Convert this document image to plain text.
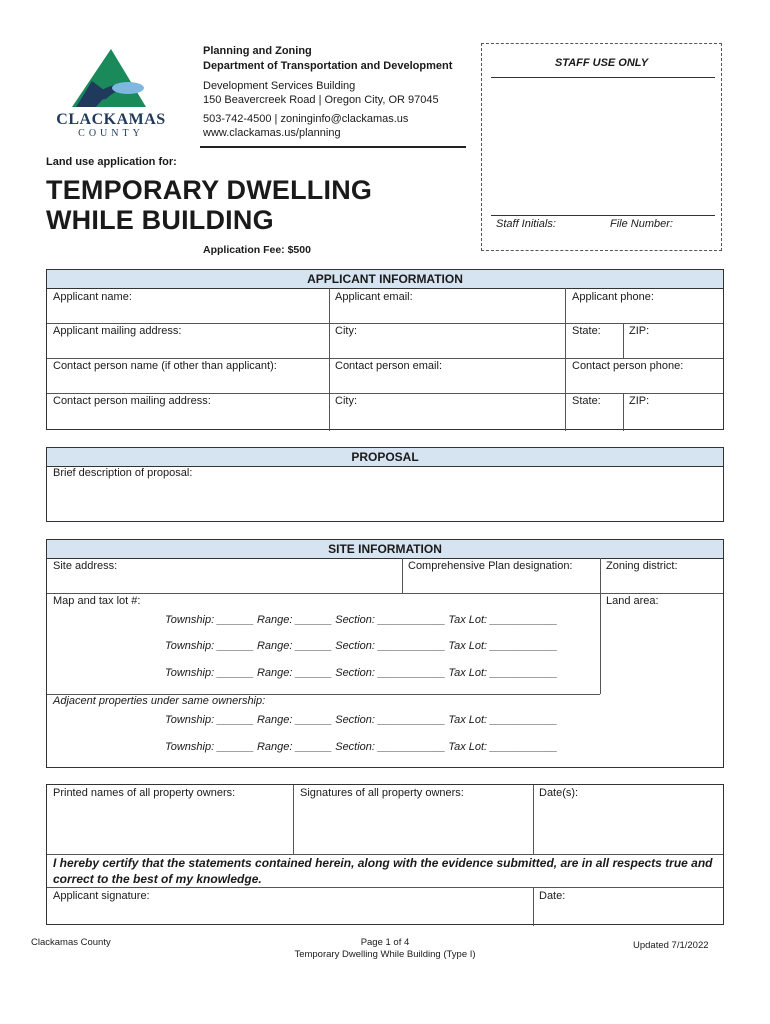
CLACKAMAS
COUNTY
Planning and Zoning
Department of Transportation and Development
Development Services Building
150 Beavercreek Road | Oregon City, OR 97045
503-742-4500 | zoninginfo@clackamas.us
www.clackamas.us/planning
STAFF USE ONLY
Staff Initials:	File Number:
Land use application for:
TEMPORARY DWELLING
WHILE BUILDING
Application Fee: $500
APPLICANT INFORMATION
Applicant name:	Applicant email:	Applicant phone:
Applicant mailing address:	City:	State:	ZIP:
Contact person name (if other than applicant):	Contact person email:	Contact person phone:
Contact person mailing address:	City:	State:	ZIP:
PROPOSAL
Brief description of proposal:
SITE INFORMATION
Site address:	Comprehensive Plan designation:	Zoning district:
Map and tax lot #:	Land area:
Township: ______ Range: ______ Section: ___________ Tax Lot: ___________
Township: ______ Range: ______ Section: ___________ Tax Lot: ___________
Township: ______ Range: ______ Section: ___________ Tax Lot: ___________
Adjacent properties under same ownership:
Township: ______ Range: ______ Section: ___________ Tax Lot: ___________
Township: ______ Range: ______ Section: ___________ Tax Lot: ___________
Printed names of all property owners:	Signatures of all property owners:	Date(s):
I hereby certify that the statements contained herein, along with the evidence submitted, are in all respects true and correct to the best of my knowledge.
Applicant signature:	Date:
Clackamas County	Page 1 of 4
Temporary Dwelling While Building (Type I)
Updated 7/1/2022
